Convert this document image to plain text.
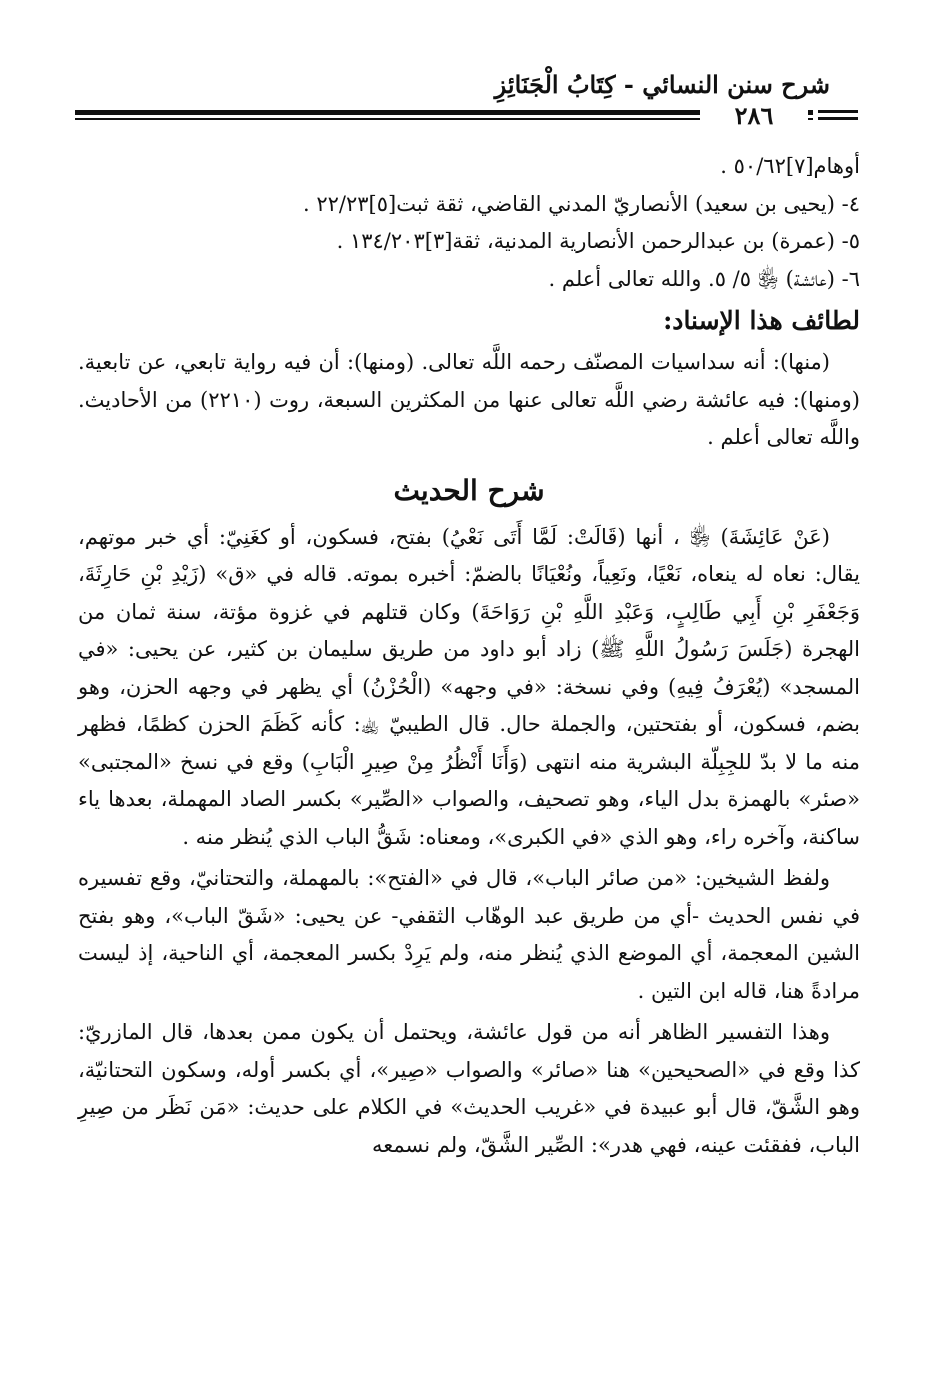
شرح سنن النسائي - كِتَابُ الْجَنَائِزِ
٢٨٦

أوهام[٧]٥٠/٦٢ .

٤- (يحيى بن سعيد) الأنصاريّ المدني القاضي، ثقة ثبت[٥]٢٢/٢٣ .

٥- (عمرة) بن عبدالرحمن الأنصارية المدنية، ثقة[٣]١٣٤/٢٠٣ .

٦- (عائشة) ﵂ ٥/ ٥. والله تعالى أعلم .

لطائف هذا الإسناد:

(منها): أنه سداسيات المصنّف رحمه اللَّه تعالى. (ومنها): أن فيه رواية تابعي، عن تابعية. (ومنها): فيه عائشة رضي اللَّه تعالى عنها من المكثرين السبعة، روت (٢٢١٠) من الأحاديث. واللَّه تعالى أعلم .

شرح الحديث

(عَنْ عَائِشَةَ) ﵂ ، أنها (قَالَتْ: لَمَّا أَتَى نَعْيُ) بفتح، فسكون، أو كغَنِيّ: أي خبر موتهم، يقال: نعاه له ينعاه، نَعْيًا، ونَعِياً، ونُعْيَانًا بالضمّ: أخبره بموته. قاله في «ق» (زَيْدِ بْنِ حَارِثَةَ، وَجَعْفَرِ بْنِ أَبِي طَالِبٍ، وَعَبْدِ اللَّهِ بْنِ رَوَاحَةَ) وكان قتلهم في غزوة مؤتة، سنة ثمان من الهجرة (جَلَسَ رَسُولُ اللَّهِ ﷺ) زاد أبو داود من طريق سليمان بن كثير، عن يحيى: «في المسجد» (يُعْرَفُ فِيهِ) وفي نسخة: «في وجهه» (الْحُزْنُ) أي يظهر في وجهه الحزن، وهو بضم، فسكون، أو بفتحتين، والجملة حال. قال الطيبيّ ﵀: كأنه كَظَمَ الحزن كظمًا، فظهر منه ما لا بدّ للجِبِلّة البشرية منه انتهى (وَأَنَا أَنْظُرُ مِنْ صِيرِ الْبَابِ) وقع في نسخ «المجتبى» «صئر» بالهمزة بدل الياء، وهو تصحيف، والصواب «الصِّير» بكسر الصاد المهملة، بعدها ياء ساكنة، وآخره راء، وهو الذي «في الكبرى»، ومعناه: شَقُّ الباب الذي يُنظر منه .

ولفظ الشيخين: «من صائر الباب»، قال في «الفتح»: بالمهملة، والتحتانيّ، وقع تفسيره في نفس الحديث -أي من طريق عبد الوهّاب الثقفي- عن يحيى: «شَقّ الباب»، وهو بفتح الشين المعجمة، أي الموضع الذي يُنظر منه، ولم يَرِدْ بكسر المعجمة، أي الناحية، إذ ليست مرادةً هنا، قاله ابن التين .

وهذا التفسير الظاهر أنه من قول عائشة، ويحتمل أن يكون ممن بعدها، قال المازريّ: كذا وقع في «الصحيحين» هنا «صائر» والصواب «صِير»، أي بكسر أوله، وسكون التحتانيّة، وهو الشَّقّ، قال أبو عبيدة في «غريب الحديث» في الكلام على حديث: «مَن نَظَر من صِيرِ الباب، ففقئت عينه، فهي هدر»: الصِّير الشَّقّ، ولم نسمعه
